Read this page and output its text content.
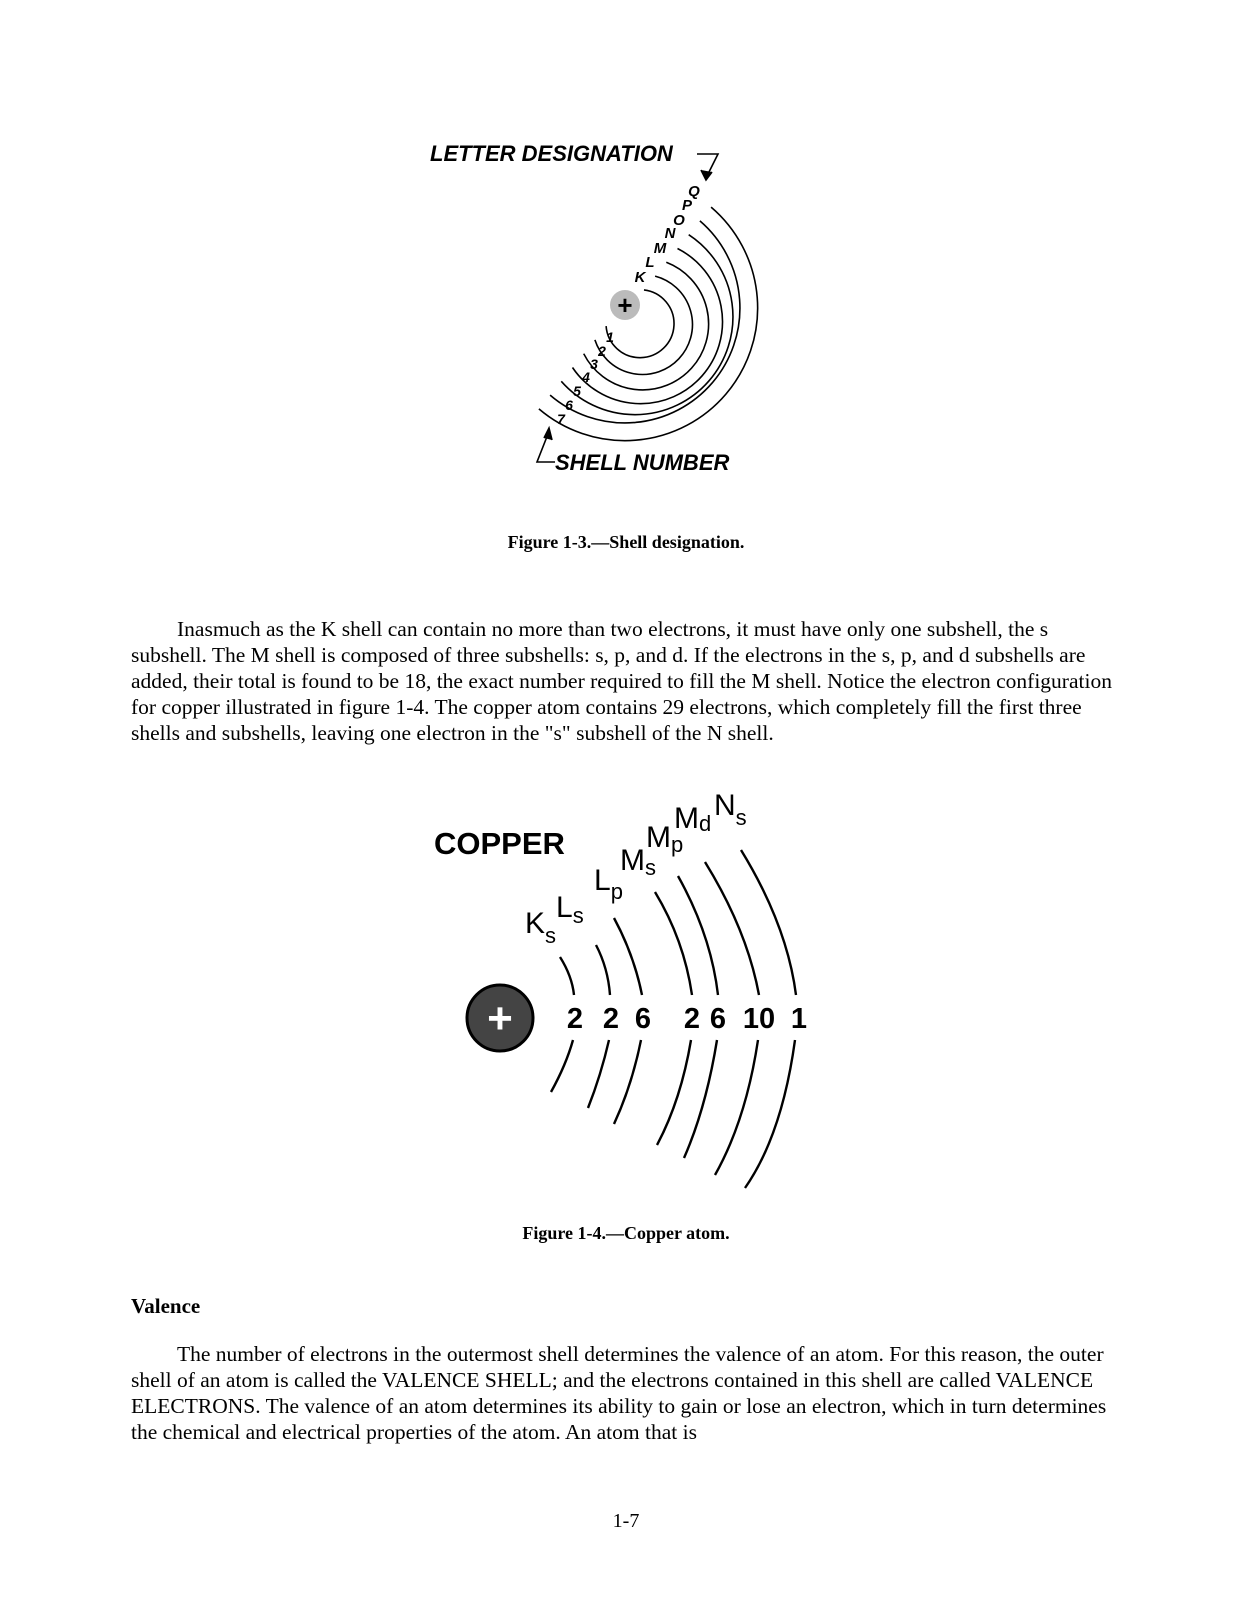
+
K
L
M
N
O
P
Q
1
2
3
4
5
6
7
LETTER DESIGNATION
SHELL NUMBER
Figure 1-3.—Shell designation.

Inasmuch as the K shell can contain no more than two electrons, it must have only one subshell, the s subshell. The M shell is composed of three subshells: s, p, and d. If the electrons in the s, p, and d subshells are added, their total is found to be 18, the exact number required to fill the M shell. Notice the electron configuration for copper illustrated in figure 1-4. The copper atom contains 29 electrons, which completely fill the first three shells and subshells, leaving one electron in the "s" subshell of the N shell.

COPPER
+
$K_s$
$L_s$
$L_p$
Ms
Mp
Md
$N_s$
2 2 6 2 6 10 1
Figure 1-4.—Copper atom.
Valence

The number of electrons in the outermost shell determines the valence of an atom. For this reason, the outer shell of an atom is called the VALENCE SHELL; and the electrons contained in this shell are called VALENCE ELECTRONS. The valence of an atom determines its ability to gain or lose an electron, which in turn determines the chemical and electrical properties of the atom. An atom that is

1-7
